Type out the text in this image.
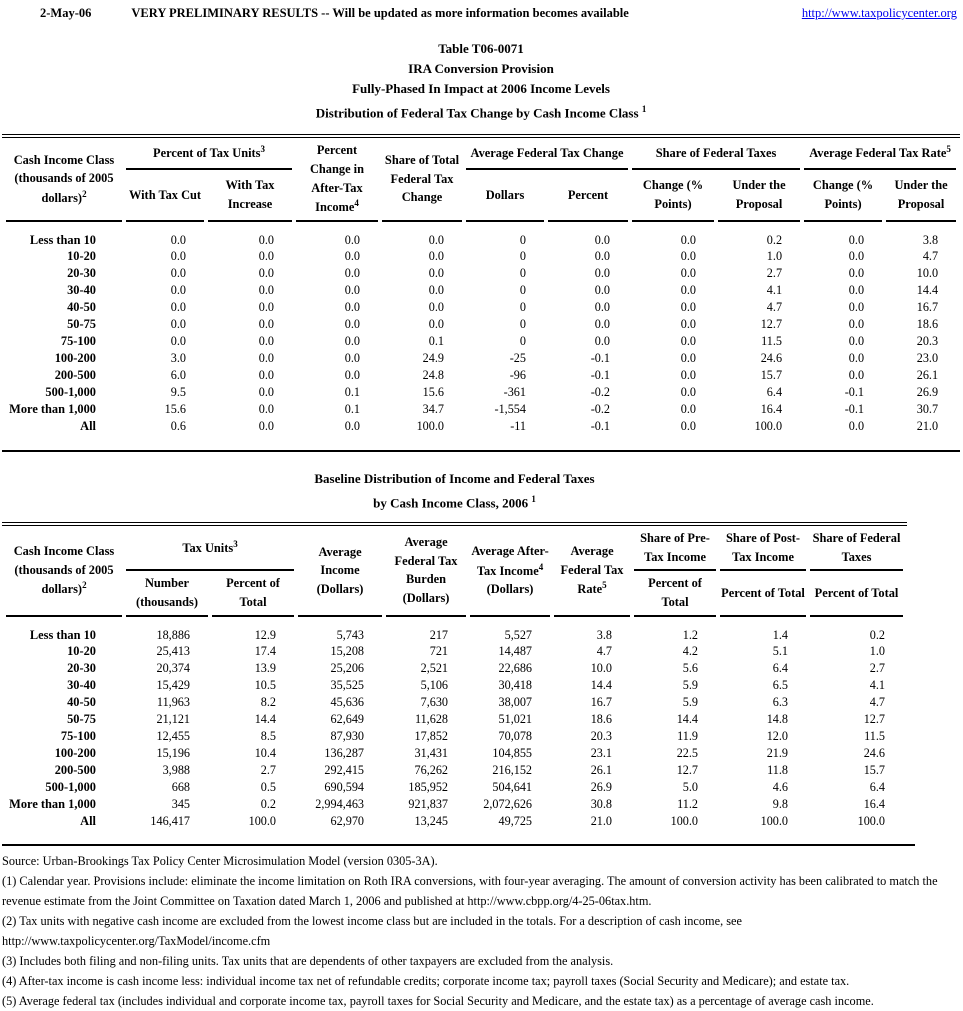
2-May-06	VERY PRELIMINARY RESULTS -- Will be updated as more information becomes available	http://www.taxpolicycenter.org
Table T06-0071
IRA Conversion Provision
Fully-Phased In Impact at 2006 Income Levels
Distribution of Federal Tax Change by Cash Income Class $^1$
Cash Income Class (thousands of 2005 dollars)$^2$	Percent of Tax Units$^3$		Percent Change in After-Tax Income$^4$	Share of Total Federal Tax Change	Average Federal Tax Change		Share of Federal Taxes		Average Federal Tax Rate$^5$
	With Tax Cut	With Tax Increase			Dollars	Percent	Change (% Points)	Under the Proposal	Change (% Points)	Under the Proposal
Less than 10	0.0	0.0	0.0	0.0	0	0.0	0.0	0.2	0.0	3.8
10-20	0.0	0.0	0.0	0.0	0	0.0	0.0	1.0	0.0	4.7
20-30	0.0	0.0	0.0	0.0	0	0.0	0.0	2.7	0.0	10.0
30-40	0.0	0.0	0.0	0.0	0	0.0	0.0	4.1	0.0	14.4
40-50	0.0	0.0	0.0	0.0	0	0.0	0.0	4.7	0.0	16.7
50-75	0.0	0.0	0.0	0.0	0	0.0	0.0	12.7	0.0	18.6
75-100	0.0	0.0	0.0	0.1	0	0.0	0.0	11.5	0.0	20.3
100-200	3.0	0.0	0.0	24.9	-25	-0.1	0.0	24.6	0.0	23.0
200-500	6.0	0.0	0.0	24.8	-96	-0.1	0.0	15.7	0.0	26.1
500-1,000	9.5	0.0	0.1	15.6	-361	-0.2	0.0	6.4	-0.1	26.9
More than 1,000	15.6	0.0	0.1	34.7	-1,554	-0.2	0.0	16.4	-0.1	30.7
All	0.6	0.0	0.0	100.0	-11	-0.1	0.0	100.0	0.0	21.0
Baseline Distribution of Income and Federal Taxes
by Cash Income Class, 2006 $^1$
Cash Income Class (thousands of 2005 dollars)$^2$	Tax Units$^3$		Average Income (Dollars)	Average Federal Tax Burden (Dollars)	Average After-Tax Income$^4$ (Dollars)	Average Federal Tax Rate$^5$	Share of Pre-Tax Income	Share of Post-Tax Income	Share of Federal Taxes
	Number (thousands)	Percent of Total					Percent of Total	Percent of Total	Percent of Total
Less than 10	18,886	12.9	5,743	217	5,527	3.8	1.2	1.4	0.2
10-20	25,413	17.4	15,208	721	14,487	4.7	4.2	5.1	1.0
20-30	20,374	13.9	25,206	2,521	22,686	10.0	5.6	6.4	2.7
30-40	15,429	10.5	35,525	5,106	30,418	14.4	5.9	6.5	4.1
40-50	11,963	8.2	45,636	7,630	38,007	16.7	5.9	6.3	4.7
50-75	21,121	14.4	62,649	11,628	51,021	18.6	14.4	14.8	12.7
75-100	12,455	8.5	87,930	17,852	70,078	20.3	11.9	12.0	11.5
100-200	15,196	10.4	136,287	31,431	104,855	23.1	22.5	21.9	24.6
200-500	3,988	2.7	292,415	76,262	216,152	26.1	12.7	11.8	15.7
500-1,000	668	0.5	690,594	185,952	504,641	26.9	5.0	4.6	6.4
More than 1,000	345	0.2	2,994,463	921,837	2,072,626	30.8	11.2	9.8	16.4
All	146,417	100.0	62,970	13,245	49,725	21.0	100.0	100.0	100.0

Source: Urban-Brookings Tax Policy Center Microsimulation Model (version 0305-3A).

(1) Calendar year. Provisions include: eliminate the income limitation on Roth IRA conversions, with four-year averaging. The amount of conversion activity has been calibrated to match the revenue estimate from the Joint Committee on Taxation dated March 1, 2006 and published at http://www.cbpp.org/4-25-06tax.htm.

(2) Tax units with negative cash income are excluded from the lowest income class but are included in the totals. For a description of cash income, see http://www.taxpolicycenter.org/TaxModel/income.cfm

(3) Includes both filing and non-filing units. Tax units that are dependents of other taxpayers are excluded from the analysis.

(4) After-tax income is cash income less: individual income tax net of refundable credits; corporate income tax; payroll taxes (Social Security and Medicare); and estate tax.

(5) Average federal tax (includes individual and corporate income tax, payroll taxes for Social Security and Medicare, and the estate tax) as a percentage of average cash income.
